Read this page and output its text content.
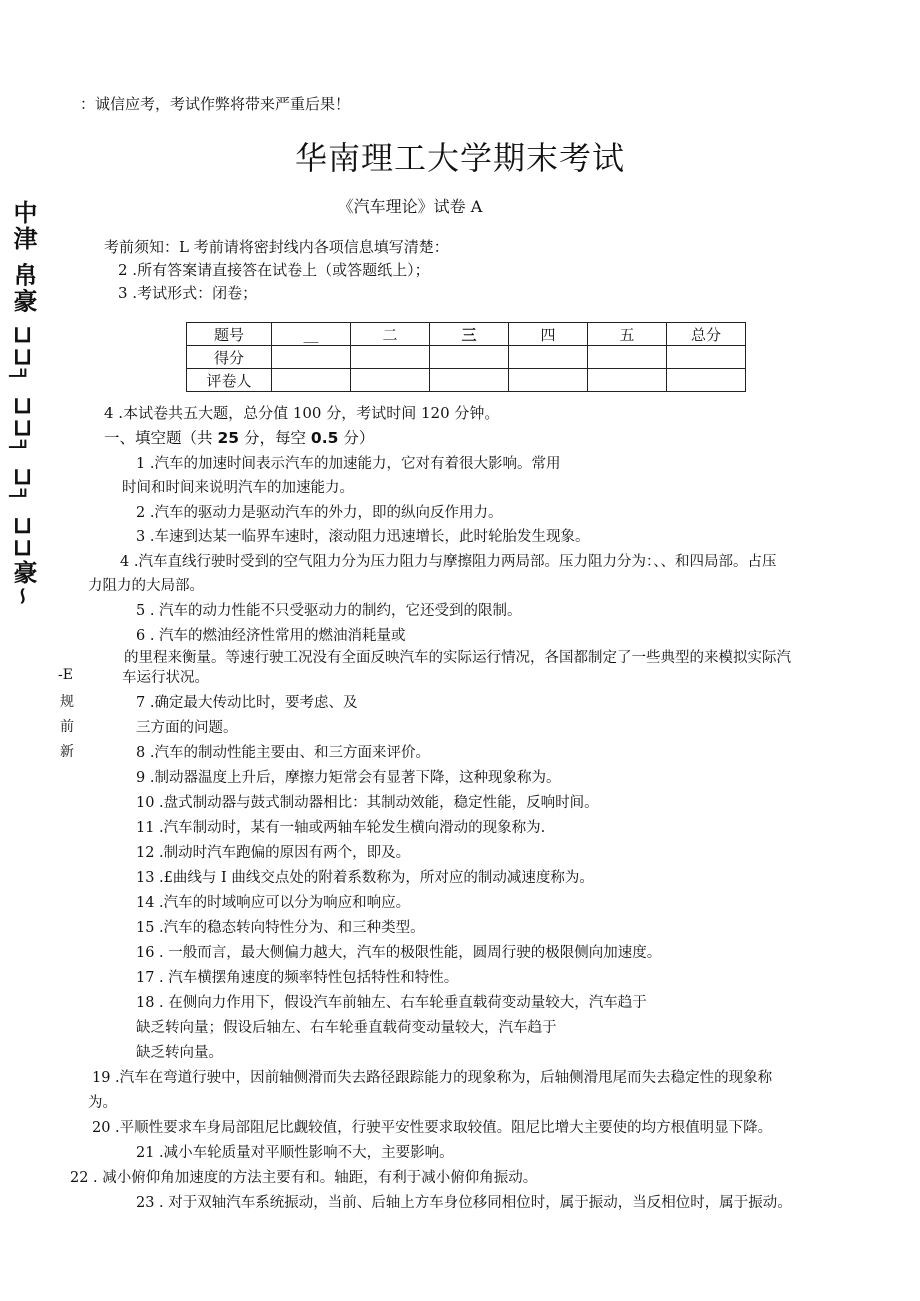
：诚信应考，考试作弊将带来严重后果！
华南理工大学期末考试
《汽车理论》试卷 A
中津 帛豪 ⊐⊐╕ ⊐⊐╕ ⊐╕ ⊐⊐豪∽	考前须知：L 考前请将密封线内各项信息填写清楚：
2 .所有答案请直接答在试卷上（或答题纸上）；
3 .考试形式：闭卷；
题号	__	二	三	四	五	总分
得分						
评卷人						
4 .本试卷共五大题，总分值 100 分，考试时间 120 分钟。
一、填空题（共 25 分，每空 0.5 分）
1 .汽车的加速时间表示汽车的加速能力，它对有着很大影响。常用
时间和时间来说明汽车的加速能力。
2 .汽车的驱动力是驱动汽车的外力，即的纵向反作用力。
3 .车速到达某一临界车速时，滚动阻力迅速增长，此时轮胎发生现象。
4 .汽车直线行驶时受到的空气阻力分为压力阻力与摩擦阻力两局部。压力阻力分为：、、和四局部。占压
力阻力的大局部。
5 . 汽车的动力性能不只受驱动力的制约，它还受到的限制。
6 . 汽车的燃油经济性常用的燃油消耗量或
的里程来衡量。等速行驶工况没有全面反映汽车的实际运行情况，各国都制定了一些典型的来模拟实际汽
车运行状况。
-E
规
前
新
7 .确定最大传动比时，要考虑、及
三方面的问题。
8 .汽车的制动性能主要由、和三方面来评价。
9 .制动器温度上升后，摩擦力矩常会有显著下降，这种现象称为。
10 .盘式制动器与鼓式制动器相比：其制动效能，稳定性能，反响时间。
11 .汽车制动时，某有一轴或两轴车轮发生横向滑动的现象称为.
12 .制动时汽车跑偏的原因有两个，即及。
13 .£曲线与 I 曲线交点处的附着系数称为，所对应的制动减速度称为。
14 .汽车的时域响应可以分为响应和响应。
15 .汽车的稳态转向特性分为、和三种类型。
16 . 一般而言，最大侧偏力越大，汽车的极限性能，圆周行驶的极限侧向加速度。
17 . 汽车横摆角速度的频率特性包括特性和特性。
18 . 在侧向力作用下，假设汽车前轴左、右车轮垂直载荷变动量较大，汽车趋于
缺乏转向量；假设后轴左、右车轮垂直载荷变动量较大，汽车趋于
缺乏转向量。
19 .汽车在弯道行驶中，因前轴侧滑而失去路径跟踪能力的现象称为，后轴侧滑甩尾而失去稳定性的现象称
为。
20 .平顺性要求车身局部阻尼比觑较值，行驶平安性要求取较值。阻尼比增大主要使的均方根值明显下降。
21 .减小车轮质量对平顺性影响不大，主要影响。
22 . 减小俯仰角加速度的方法主要有和。轴距，有利于减小俯仰角振动。
23 . 对于双轴汽车系统振动，当前、后轴上方车身位移同相位时，属于振动，当反相位时，属于振动。
